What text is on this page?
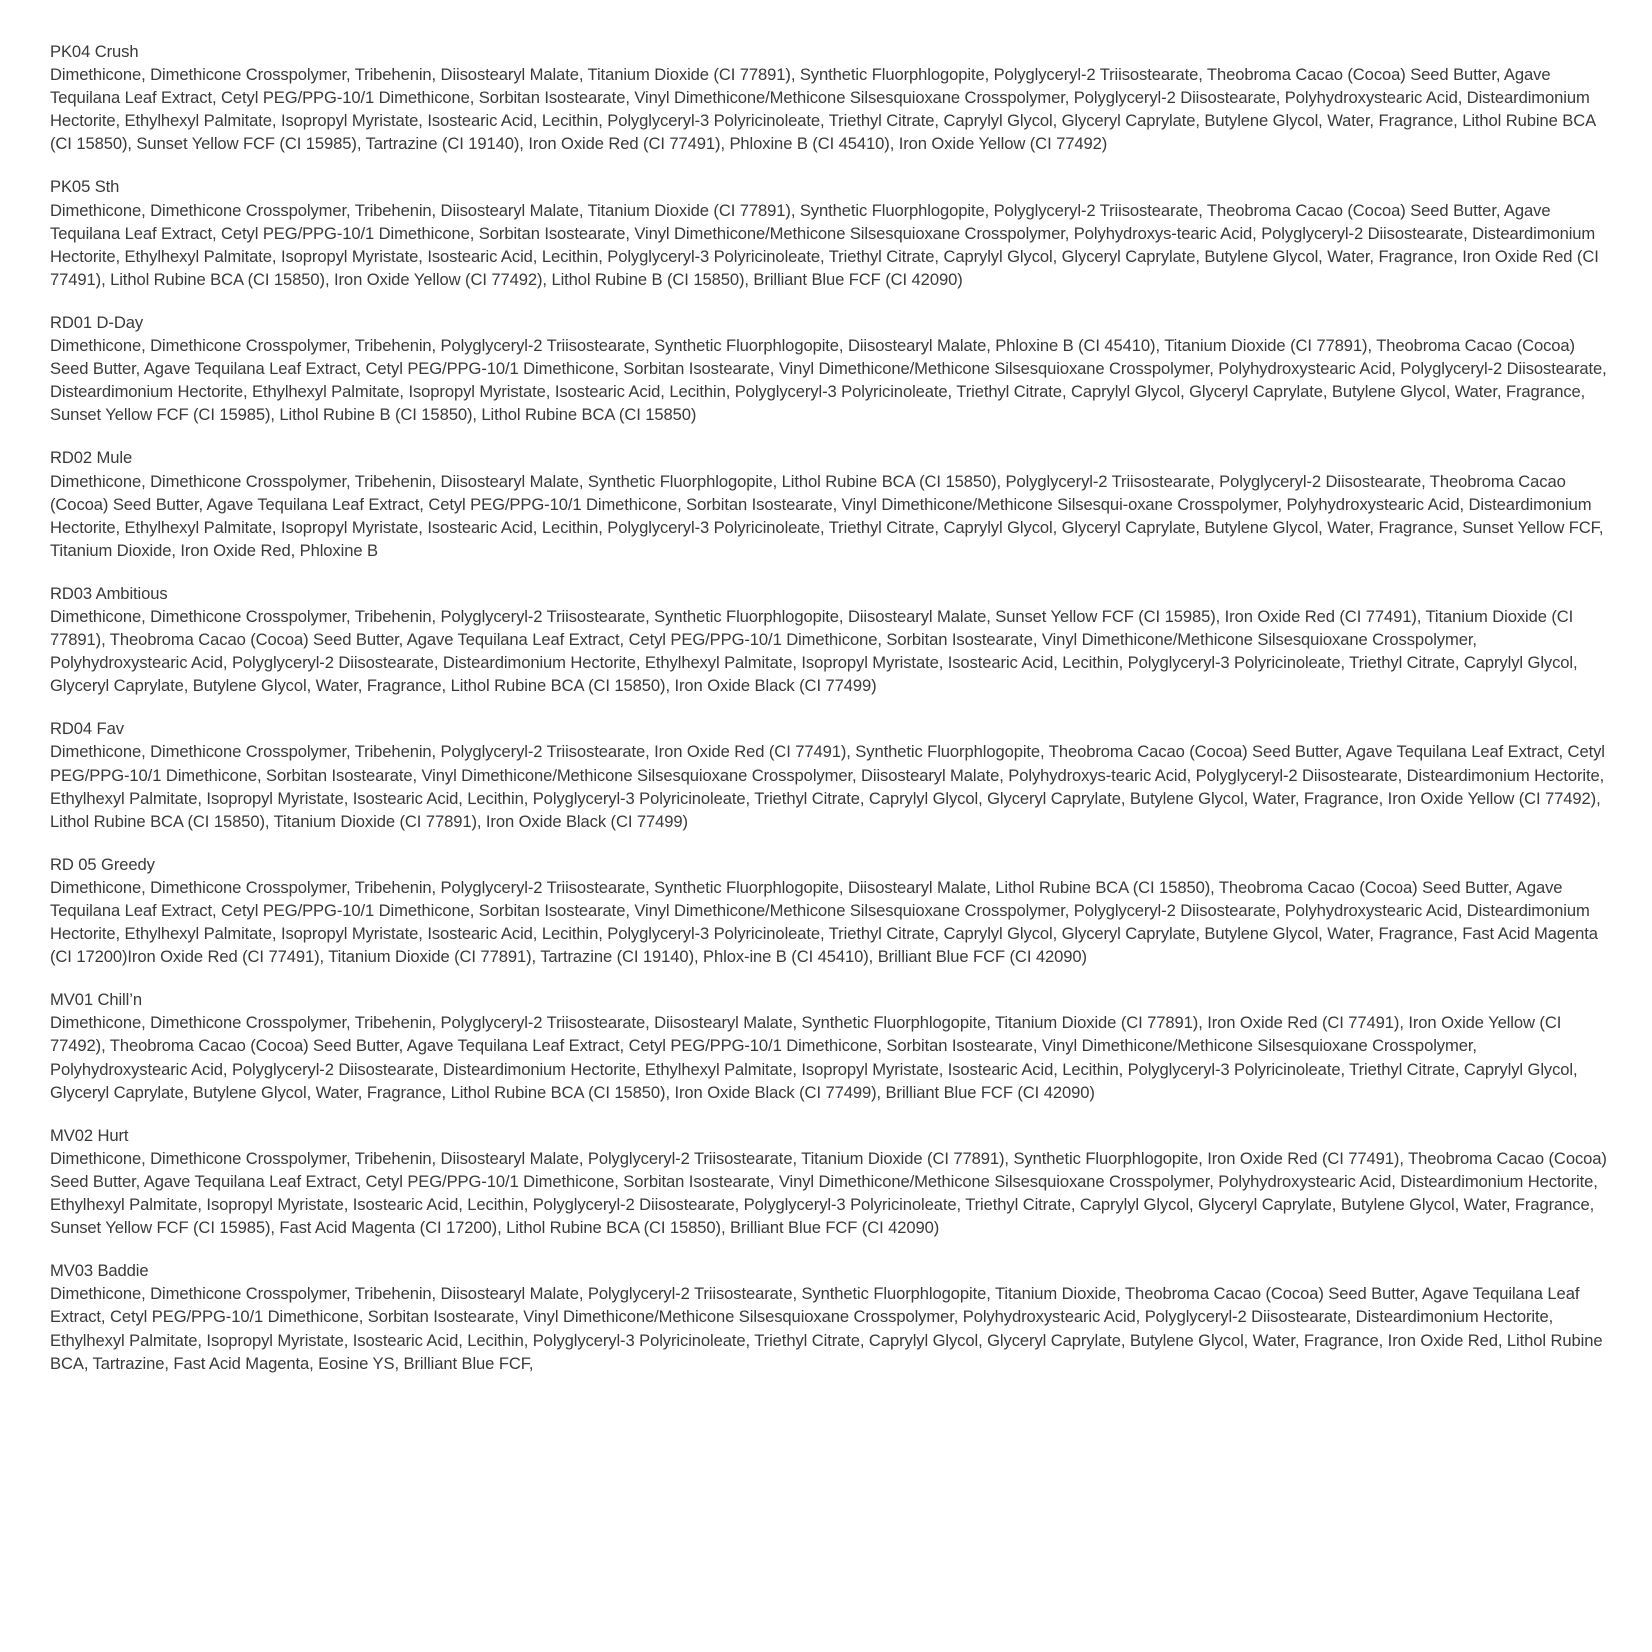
PK04 Crush
Dimethicone, Dimethicone Crosspolymer, Tribehenin, Diisostearyl Malate, Titanium Dioxide (CI 77891), Synthetic Fluorphlogopite, Polyglyceryl-2 Triisostearate, Theobroma Cacao (Cocoa) Seed Butter, Agave Tequilana Leaf Extract, Cetyl PEG/PPG-10/1 Dimethicone, Sorbitan Isostearate, Vinyl Dimethicone/Methicone Silsesquioxane Crosspolymer, Polyglyceryl-2 Diisostearate, Polyhydroxystearic Acid, Disteardimonium Hectorite, Ethylhexyl Palmitate, Isopropyl Myristate, Isostearic Acid, Lecithin, Polyglyceryl-3 Polyricinoleate, Triethyl Citrate, Caprylyl Glycol, Glyceryl Caprylate, Butylene Glycol, Water, Fragrance, Lithol Rubine BCA (CI 15850), Sunset Yellow FCF (CI 15985), Tartrazine (CI 19140), Iron Oxide Red (CI 77491), Phloxine B (CI 45410), Iron Oxide Yellow (CI 77492)
PK05 Sth
Dimethicone, Dimethicone Crosspolymer, Tribehenin, Diisostearyl Malate, Titanium Dioxide (CI 77891), Synthetic Fluorphlogopite, Polyglyceryl-2 Triisostearate, Theobroma Cacao (Cocoa) Seed Butter, Agave Tequilana Leaf Extract, Cetyl PEG/PPG-10/1 Dimethicone, Sorbitan Isostearate, Vinyl Dimethicone/Methicone Silsesquioxane Crosspolymer, Polyhydroxys-tearic Acid, Polyglyceryl-2 Diisostearate, Disteardimonium Hectorite, Ethylhexyl Palmitate, Isopropyl Myristate, Isostearic Acid, Lecithin, Polyglyceryl-3 Polyricinoleate, Triethyl Citrate, Caprylyl Glycol, Glyceryl Caprylate, Butylene Glycol, Water, Fragrance, Iron Oxide Red (CI 77491), Lithol Rubine BCA (CI 15850), Iron Oxide Yellow (CI 77492), Lithol Rubine B (CI 15850), Brilliant Blue FCF (CI 42090)
RD01 D-Day
Dimethicone, Dimethicone Crosspolymer, Tribehenin, Polyglyceryl-2 Triisostearate, Synthetic Fluorphlogopite, Diisostearyl Malate, Phloxine B (CI 45410), Titanium Dioxide (CI 77891), Theobroma Cacao (Cocoa) Seed Butter, Agave Tequilana Leaf Extract, Cetyl PEG/PPG-10/1 Dimethicone, Sorbitan Isostearate, Vinyl Dimethicone/Methicone Silsesquioxane Crosspolymer, Polyhydroxystearic Acid, Polyglyceryl-2 Diisostearate, Disteardimonium Hectorite, Ethylhexyl Palmitate, Isopropyl Myristate, Isostearic Acid, Lecithin, Polyglyceryl-3 Polyricinoleate, Triethyl Citrate, Caprylyl Glycol, Glyceryl Caprylate, Butylene Glycol, Water, Fragrance, Sunset Yellow FCF (CI 15985), Lithol Rubine B (CI 15850), Lithol Rubine BCA (CI 15850)
RD02 Mule
Dimethicone, Dimethicone Crosspolymer, Tribehenin, Diisostearyl Malate, Synthetic Fluorphlogopite, Lithol Rubine BCA (CI 15850), Polyglyceryl-2 Triisostearate, Polyglyceryl-2 Diisostearate, Theobroma Cacao (Cocoa) Seed Butter, Agave Tequilana Leaf Extract, Cetyl PEG/PPG-10/1 Dimethicone, Sorbitan Isostearate, Vinyl Dimethicone/Methicone Silsesqui-oxane Crosspolymer, Polyhydroxystearic Acid, Disteardimonium Hectorite, Ethylhexyl Palmitate, Isopropyl Myristate, Isostearic Acid, Lecithin, Polyglyceryl-3 Polyricinoleate, Triethyl Citrate, Caprylyl Glycol, Glyceryl Caprylate, Butylene Glycol, Water, Fragrance, Sunset Yellow FCF, Titanium Dioxide, Iron Oxide Red, Phloxine B
RD03 Ambitious
Dimethicone, Dimethicone Crosspolymer, Tribehenin, Polyglyceryl-2 Triisostearate, Synthetic Fluorphlogopite, Diisostearyl Malate, Sunset Yellow FCF (CI 15985), Iron Oxide Red (CI 77491), Titanium Dioxide (CI 77891), Theobroma Cacao (Cocoa) Seed Butter, Agave Tequilana Leaf Extract, Cetyl PEG/PPG-10/1 Dimethicone, Sorbitan Isostearate, Vinyl Dimethicone/Methicone Silsesquioxane Crosspolymer, Polyhydroxystearic Acid, Polyglyceryl-2 Diisostearate, Disteardimonium Hectorite, Ethylhexyl Palmitate, Isopropyl Myristate, Isostearic Acid, Lecithin, Polyglyceryl-3 Polyricinoleate, Triethyl Citrate, Caprylyl Glycol, Glyceryl Caprylate, Butylene Glycol, Water, Fragrance, Lithol Rubine BCA (CI 15850), Iron Oxide Black (CI 77499)
RD04 Fav
Dimethicone, Dimethicone Crosspolymer, Tribehenin, Polyglyceryl-2 Triisostearate, Iron Oxide Red (CI 77491), Synthetic Fluorphlogopite, Theobroma Cacao (Cocoa) Seed Butter, Agave Tequilana Leaf Extract, Cetyl PEG/PPG-10/1 Dimethicone, Sorbitan Isostearate, Vinyl Dimethicone/Methicone Silsesquioxane Crosspolymer, Diisostearyl Malate, Polyhydroxys-tearic Acid, Polyglyceryl-2 Diisostearate, Disteardimonium Hectorite, Ethylhexyl Palmitate, Isopropyl Myristate, Isostearic Acid, Lecithin, Polyglyceryl-3 Polyricinoleate, Triethyl Citrate, Caprylyl Glycol, Glyceryl Caprylate, Butylene Glycol, Water, Fragrance, Iron Oxide Yellow (CI 77492), Lithol Rubine BCA (CI 15850), Titanium Dioxide (CI 77891), Iron Oxide Black (CI 77499)
RD 05 Greedy
Dimethicone, Dimethicone Crosspolymer, Tribehenin, Polyglyceryl-2 Triisostearate, Synthetic Fluorphlogopite, Diisostearyl Malate, Lithol Rubine BCA (CI 15850), Theobroma Cacao (Cocoa) Seed Butter, Agave Tequilana Leaf Extract, Cetyl PEG/PPG-10/1 Dimethicone, Sorbitan Isostearate, Vinyl Dimethicone/Methicone Silsesquioxane Crosspolymer, Polyglyceryl-2 Diisostearate, Polyhydroxystearic Acid, Disteardimonium Hectorite, Ethylhexyl Palmitate, Isopropyl Myristate, Isostearic Acid, Lecithin, Polyglyceryl-3 Polyricinoleate, Triethyl Citrate, Caprylyl Glycol, Glyceryl Caprylate, Butylene Glycol, Water, Fragrance, Fast Acid Magenta (CI 17200)Iron Oxide Red (CI 77491), Titanium Dioxide (CI 77891), Tartrazine (CI 19140), Phlox-ine B (CI 45410), Brilliant Blue FCF (CI 42090)
MV01 Chill’n
Dimethicone, Dimethicone Crosspolymer, Tribehenin, Polyglyceryl-2 Triisostearate, Diisostearyl Malate, Synthetic Fluorphlogopite, Titanium Dioxide (CI 77891), Iron Oxide Red (CI 77491), Iron Oxide Yellow (CI 77492), Theobroma Cacao (Cocoa) Seed Butter, Agave Tequilana Leaf Extract, Cetyl PEG/PPG-10/1 Dimethicone, Sorbitan Isostearate, Vinyl Dimethicone/Methicone Silsesquioxane Crosspolymer, Polyhydroxystearic Acid, Polyglyceryl-2 Diisostearate, Disteardimonium Hectorite, Ethylhexyl Palmitate, Isopropyl Myristate, Isostearic Acid, Lecithin, Polyglyceryl-3 Polyricinoleate, Triethyl Citrate, Caprylyl Glycol, Glyceryl Caprylate, Butylene Glycol, Water, Fragrance, Lithol Rubine BCA (CI 15850), Iron Oxide Black (CI 77499), Brilliant Blue FCF (CI 42090)
MV02 Hurt
Dimethicone, Dimethicone Crosspolymer, Tribehenin, Diisostearyl Malate, Polyglyceryl-2 Triisostearate, Titanium Dioxide (CI 77891), Synthetic Fluorphlogopite, Iron Oxide Red (CI 77491), Theobroma Cacao (Cocoa) Seed Butter, Agave Tequilana Leaf Extract, Cetyl PEG/PPG-10/1 Dimethicone, Sorbitan Isostearate, Vinyl Dimethicone/Methicone Silsesquioxane Crosspolymer, Polyhydroxystearic Acid, Disteardimonium Hectorite, Ethylhexyl Palmitate, Isopropyl Myristate, Isostearic Acid, Lecithin, Polyglyceryl-2 Diisostearate, Polyglyceryl-3 Polyricinoleate, Triethyl Citrate, Caprylyl Glycol, Glyceryl Caprylate, Butylene Glycol, Water, Fragrance, Sunset Yellow FCF (CI 15985), Fast Acid Magenta (CI 17200), Lithol Rubine BCA (CI 15850), Brilliant Blue FCF (CI 42090)
MV03 Baddie
Dimethicone, Dimethicone Crosspolymer, Tribehenin, Diisostearyl Malate, Polyglyceryl-2 Triisostearate, Synthetic Fluorphlogopite, Titanium Dioxide, Theobroma Cacao (Cocoa) Seed Butter, Agave Tequilana Leaf Extract, Cetyl PEG/PPG-10/1 Dimethicone, Sorbitan Isostearate, Vinyl Dimethicone/Methicone Silsesquioxane Crosspolymer, Polyhydroxystearic Acid, Polyglyceryl-2 Diisostearate, Disteardimonium Hectorite, Ethylhexyl Palmitate, Isopropyl Myristate, Isostearic Acid, Lecithin, Polyglyceryl-3 Polyricinoleate, Triethyl Citrate, Caprylyl Glycol, Glyceryl Caprylate, Butylene Glycol, Water, Fragrance, Iron Oxide Red, Lithol Rubine BCA, Tartrazine, Fast Acid Magenta, Eosine YS, Brilliant Blue FCF,
